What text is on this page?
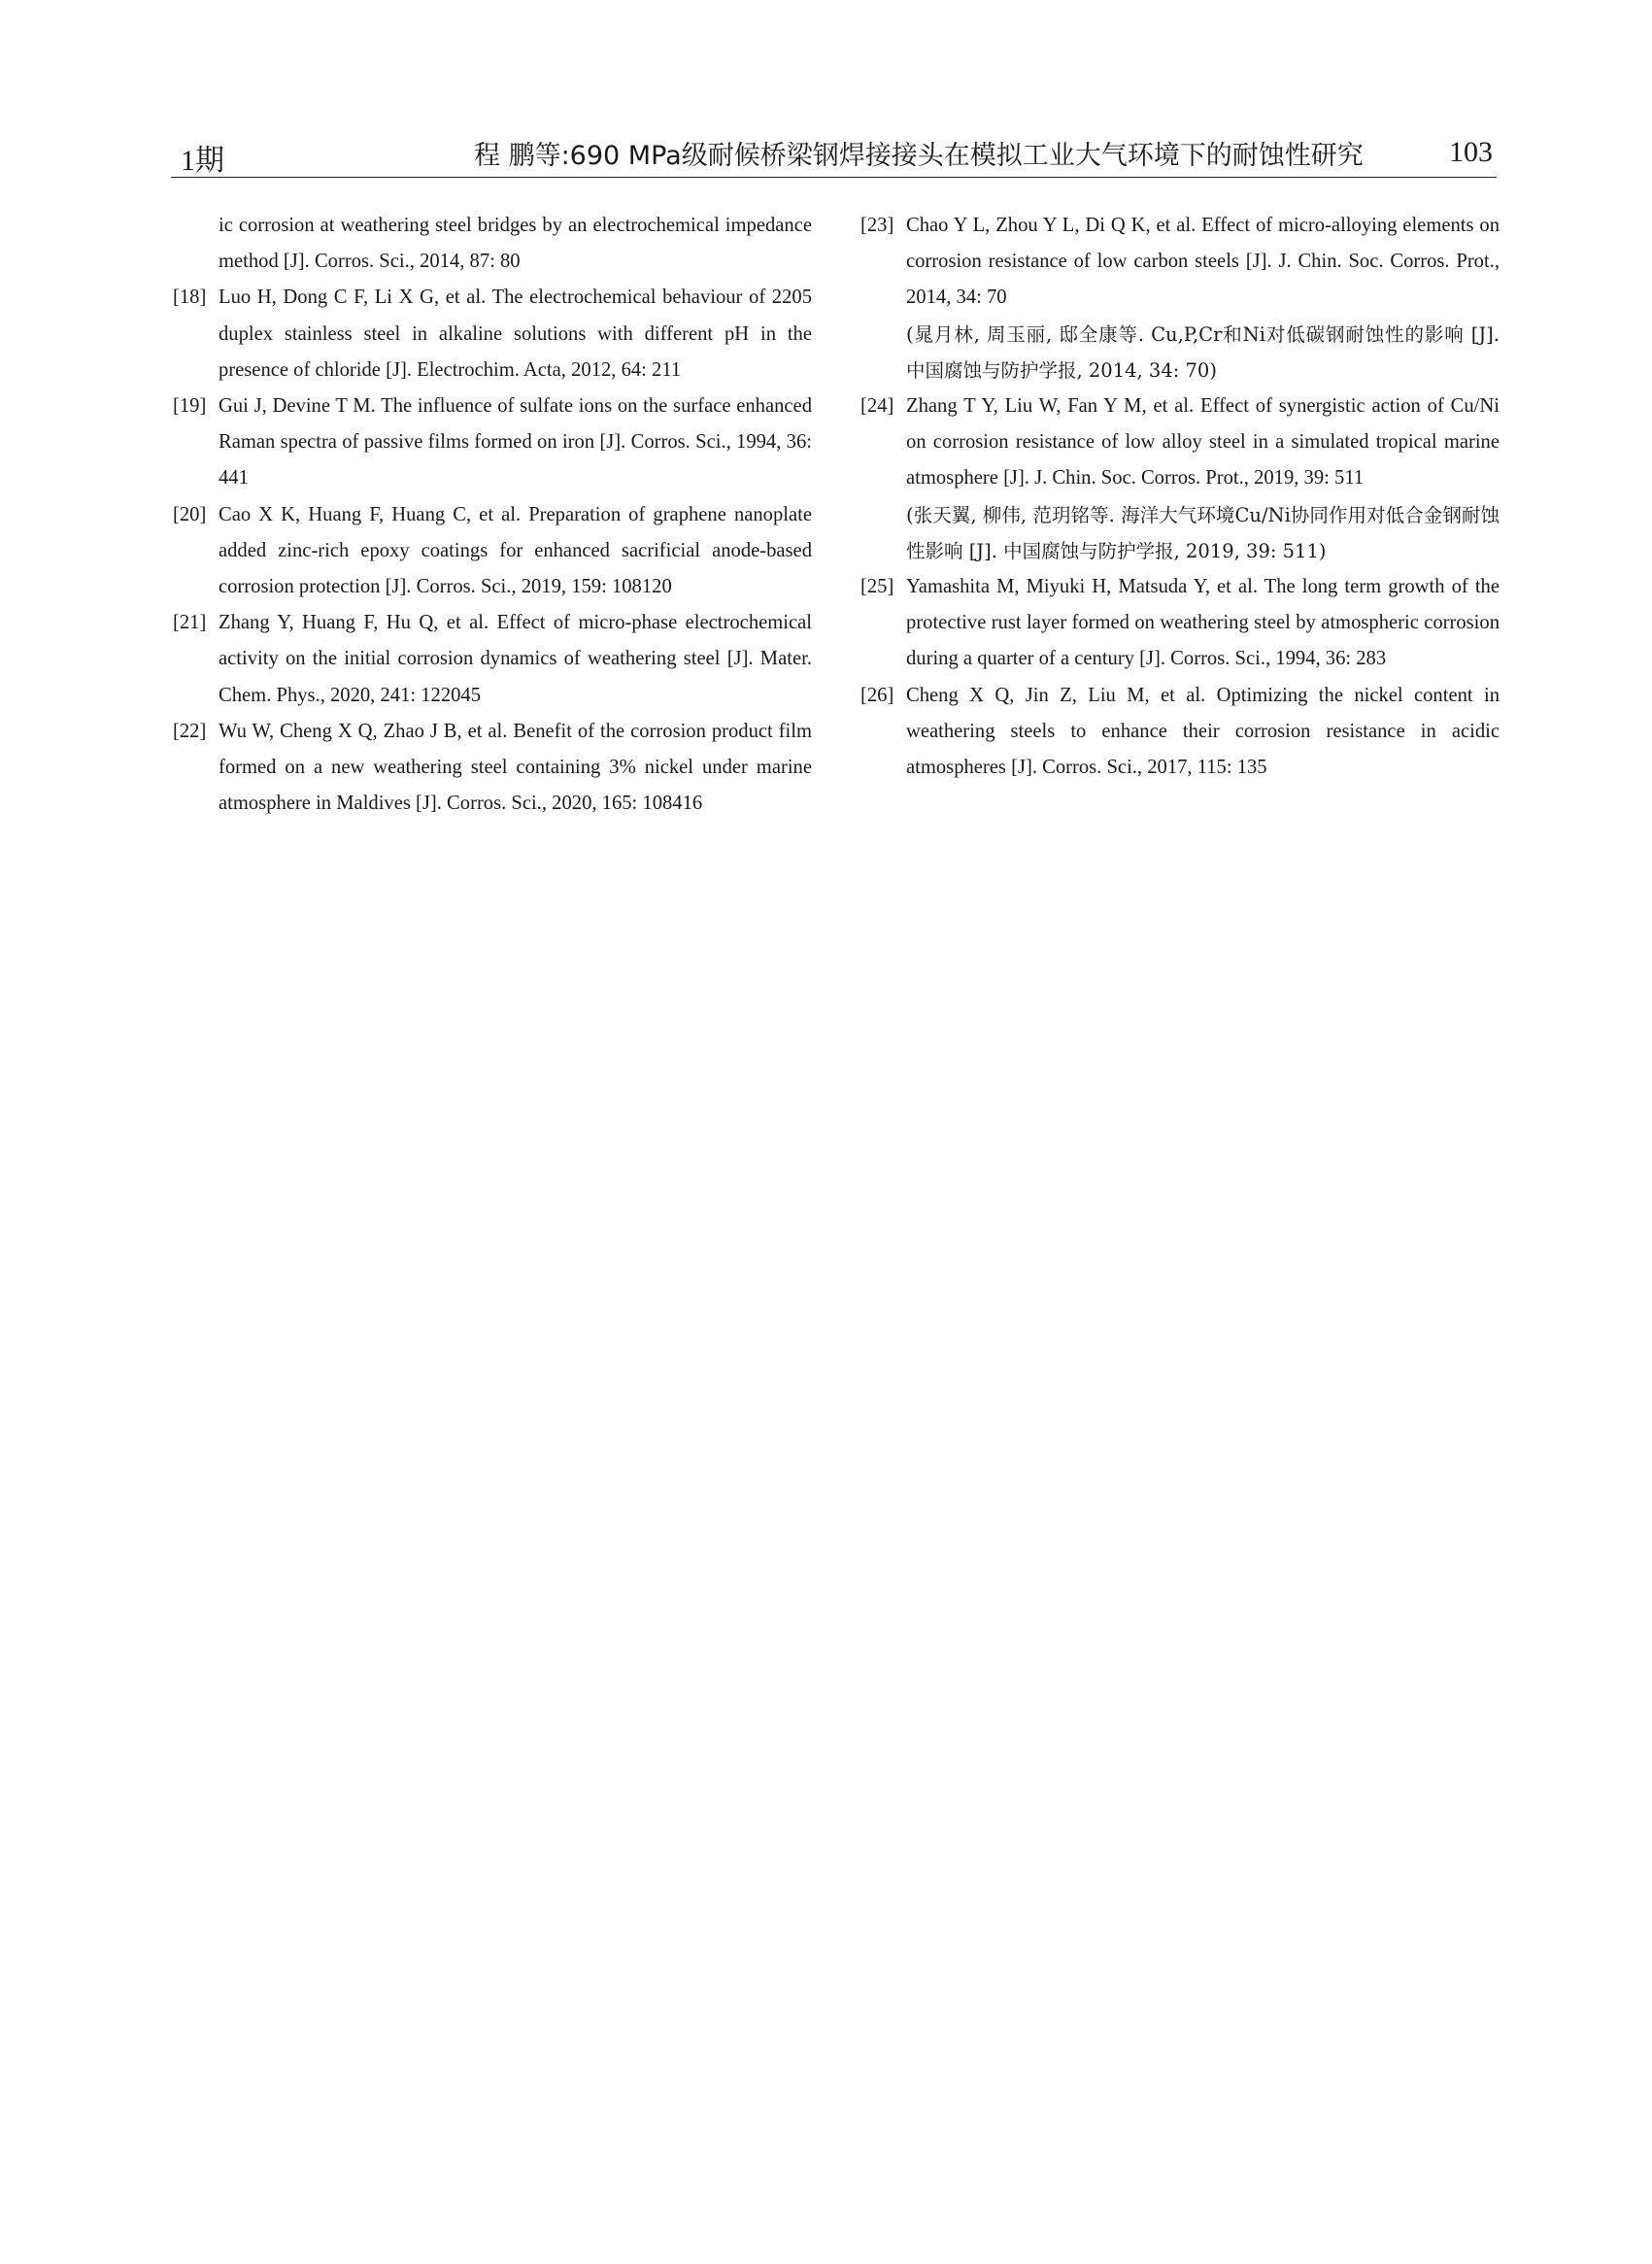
1期	程 鹏等:690 MPa级耐候桥梁钢焊接接头在模拟工业大气环境下的耐蚀性研究	103
ic corrosion at weathering steel bridges by an electrochemical impedance method [J]. Corros. Sci., 2014, 87: 80
[18] Luo H, Dong C F, Li X G, et al. The electrochemical behaviour of 2205 duplex stainless steel in alkaline solutions with different pH in the presence of chloride [J]. Electrochim. Acta, 2012, 64: 211
[19] Gui J, Devine T M. The influence of sulfate ions on the surface enhanced Raman spectra of passive films formed on iron [J]. Corros. Sci., 1994, 36: 441
[20] Cao X K, Huang F, Huang C, et al. Preparation of graphene nanoplate added zinc-rich epoxy coatings for enhanced sacrificial anode-based corrosion protection [J]. Corros. Sci., 2019, 159: 108120
[21] Zhang Y, Huang F, Hu Q, et al. Effect of micro-phase electrochemical activity on the initial corrosion dynamics of weathering steel [J]. Mater. Chem. Phys., 2020, 241: 122045
[22] Wu W, Cheng X Q, Zhao J B, et al. Benefit of the corrosion product film formed on a new weathering steel containing 3% nickel under marine atmosphere in Maldives [J]. Corros. Sci., 2020, 165: 108416
[23] Chao Y L, Zhou Y L, Di Q K, et al. Effect of micro-alloying elements on corrosion resistance of low carbon steels [J]. J. Chin. Soc. Corros. Prot., 2014, 34: 70
(晁月林, 周玉丽, 邸全康等. Cu,P,Cr和Ni对低碳钢耐蚀性的影响 [J]. 中国腐蚀与防护学报, 2014, 34: 70)
[24] Zhang T Y, Liu W, Fan Y M, et al. Effect of synergistic action of Cu/Ni on corrosion resistance of low alloy steel in a simulated tropical marine atmosphere [J]. J. Chin. Soc. Corros. Prot., 2019, 39: 511
(张天翼, 柳伟, 范玥铭等. 海洋大气环境Cu/Ni协同作用对低合金钢耐蚀性影响 [J]. 中国腐蚀与防护学报, 2019, 39: 511)
[25] Yamashita M, Miyuki H, Matsuda Y, et al. The long term growth of the protective rust layer formed on weathering steel by atmospheric corrosion during a quarter of a century [J]. Corros. Sci., 1994, 36: 283
[26] Cheng X Q, Jin Z, Liu M, et al. Optimizing the nickel content in weathering steels to enhance their corrosion resistance in acidic atmospheres [J]. Corros. Sci., 2017, 115: 135
